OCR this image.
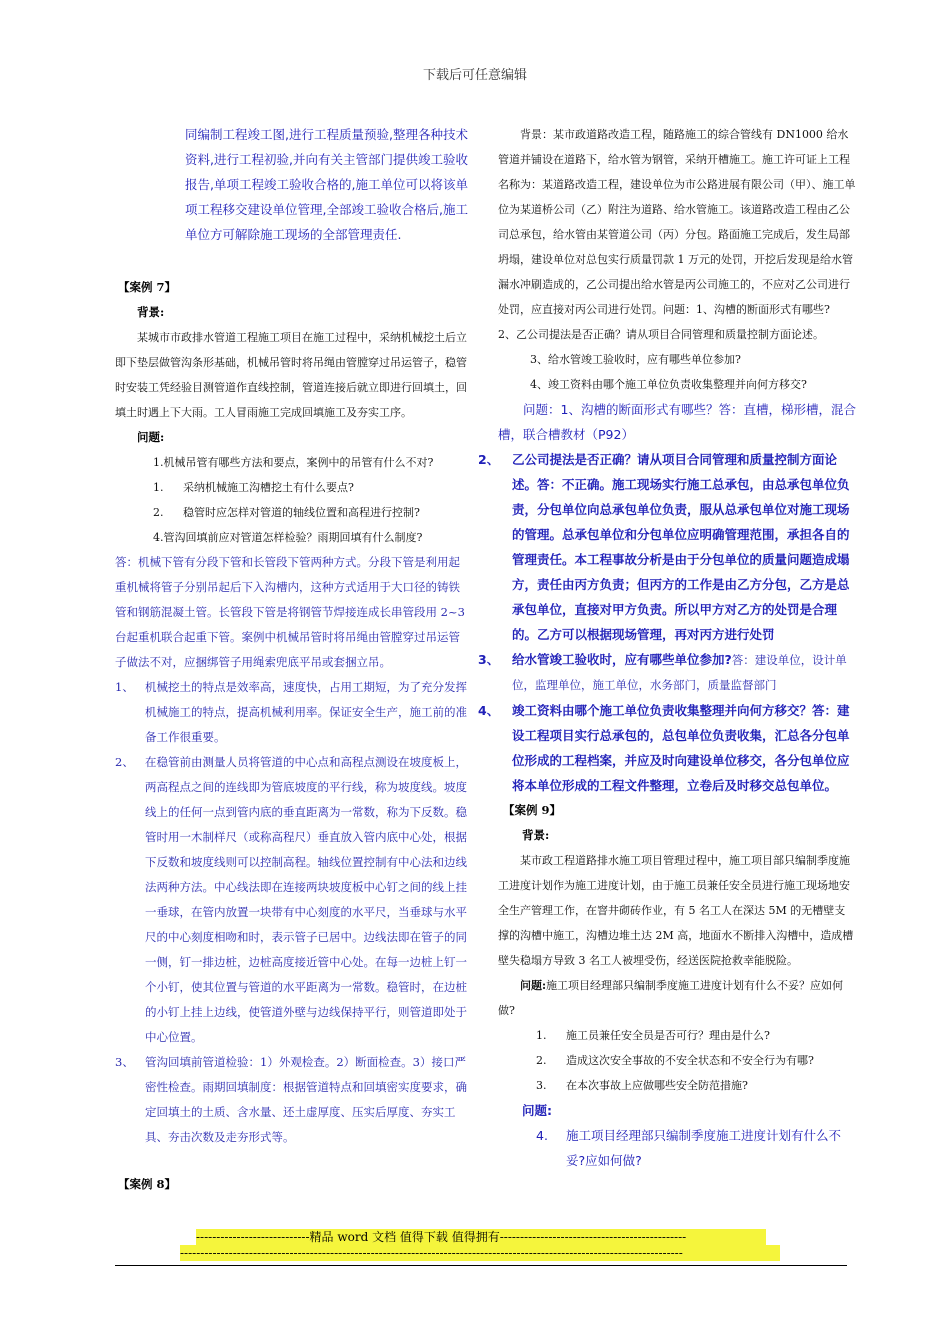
下载后可任意编辑

同编制工程竣工图,进行工程质量预验,整理各种技术资料,进行工程初验,并向有关主管部门提供竣工验收报告,单项工程竣工验收合格的,施工单位可以将该单项工程移交建设单位管理,全部竣工验收合格后,施工单位方可解除施工现场的全部管理责任.

【案例 7】

背景:

某城市市政排水管道工程施工项目在施工过程中，采纳机械挖土后立即下垫层做管沟条形基础，机械吊管时将吊绳由管膛穿过吊运管子，稳管时安装工凭经验目测管道作直线控制，管道连接后就立即进行回填土，回填土时遇上下大雨。工人冒雨施工完成回填施工及夯实工序。

问题:

1.机械吊管有哪些方法和要点，案例中的吊管有什么不对?

1.	采纳机械施工沟槽挖土有什么要点?
2.	稳管时应怎样对管道的轴线位置和高程进行控制?

4.管沟回填前应对管道怎样检验？雨期回填有什么制度?

答：机械下管有分段下管和长管段下管两种方式。分段下管是利用起重机械将管子分别吊起后下入沟槽内，这种方式适用于大口径的铸铁管和钢筋混凝土管。长管段下管是将钢管节焊接连成长串管段用 2~3 台起重机联合起重下管。案例中机械吊管时将吊绳由管膛穿过吊运管子做法不对，应捆绑管子用绳索兜底平吊或套捆立吊。

1、 机械挖土的特点是效率高，速度快，占用工期短，为了充分发挥机械施工的特点，提高机械利用率。保证安全生产，施工前的准备工作很重要。
2、 在稳管前由测量人员将管道的中心点和高程点测设在坡度板上，两高程点之间的连线即为管底坡度的平行线，称为坡度线。坡度线上的任何一点到管内底的垂直距离为一常数，称为下反数。稳管时用一木制样尺（或称高程尺）垂直放入管内底中心处，根据下反数和坡度线则可以控制高程。轴线位置控制有中心法和边线法两种方法。中心线法即在连接两块坡度板中心钉之间的线上挂一垂球，在管内放置一块带有中心刻度的水平尺，当垂球与水平尺的中心刻度相吻和时，表示管子已居中。边线法即在管子的同一侧，钉一排边桩，边桩高度接近管中心处。在每一边桩上钉一个小钉，使其位置与管道的水平距离为一常数。稳管时，在边桩的小钉上挂上边线，使管道外壁与边线保持平行，则管道即处于中心位置。
3、 管沟回填前管道检验：1）外观检查。2）断面检查。3）接口严密性检查。雨期回填制度：根据管道特点和回填密实度要求，确定回填土的土质、含水量、还土虚厚度、压实后厚度、夯实工具、夯击次数及走夯形式等。

【案例 8】

背景：某市政道路改造工程，随路施工的综合管线有 DN1000 给水管道并铺设在道路下，给水管为钢管，采纳开槽施工。施工许可证上工程名称为：某道路改造工程，建设单位为市公路进展有限公司（甲）、施工单位为某道桥公司（乙）附注为道路、给水管施工。该道路改造工程由乙公司总承包，给水管由某管道公司（丙）分包。路面施工完成后，发生局部坍塌，建设单位对总包实行质量罚款 1 万元的处罚，开挖后发现是给水管漏水冲刷造成的，乙公司提出给水管是丙公司施工的，不应对乙公司进行处罚，应直接对丙公司进行处罚。问题：1、沟槽的断面形式有哪些?

2、乙公司提法是否正确？请从项目合同管理和质量控制方面论述。

3、给水管竣工验收时，应有哪些单位参加?

4、竣工资料由哪个施工单位负责收集整理并向何方移交?

问题：1、沟槽的断面形式有哪些？答：直槽，梯形槽，混合槽，联合槽教材（P92）

2、	乙公司提法是否正确？请从项目合同管理和质量控制方面论述。答：不正确。施工现场实行施工总承包，由总承包单位负责，分包单位向总承包单位负责，服从总承包单位对施工现场的管理。总承包单位和分包单位应明确管理范围，承担各自的管理责任。本工程事故分析是由于分包单位的质量问题造成塌方，责任由丙方负责；但丙方的工作是由乙方分包，乙方是总承包单位，直接对甲方负责。所以甲方对乙方的处罚是合理的。乙方可以根据现场管理，再对丙方进行处罚
3、	给水管竣工验收时，应有哪些单位参加?答：建设单位，设计单位，监理单位，施工单位，水务部门，质量监督部门
4、	竣工资料由哪个施工单位负责收集整理并向何方移交？答：建设工程项目实行总承包的，总包单位负责收集，汇总各分包单位形成的工程档案，并应及时向建设单位移交，各分包单位应将本单位形成的工程文件整理，立卷后及时移交总包单位。

【案例 9】

背景:

某市政工程道路排水施工项目管理过程中，施工项目部只编制季度施工进度计划作为施工进度计划，由于施工员兼任安全员进行施工现场地安全生产管理工作，在窨井砌砖作业，有 5 名工人在深达 5M 的无槽壁支撑的沟槽中施工，沟槽边堆土达 2M 高，地面水不断排入沟槽中，造成槽壁失稳塌方导致 3 名工人被埋受伤，经送医院抢救幸能脱险。

问题:施工项目经理部只编制季度施工进度计划有什么不妥？应如何做?

1.	施工员兼任安全员是否可行？理由是什么?
2.	造成这次安全事故的不安全状态和不安全行为有哪?
3.	在本次事故上应做哪些安全防范措施?

问题:

4.	施工项目经理部只编制季度施工进度计划有什么不妥?应如何做?
----------------------------精品 word 文档 值得下载 值得拥有----------------------------------------------
----------------------------------------------------------------------------------------------------------------------------
